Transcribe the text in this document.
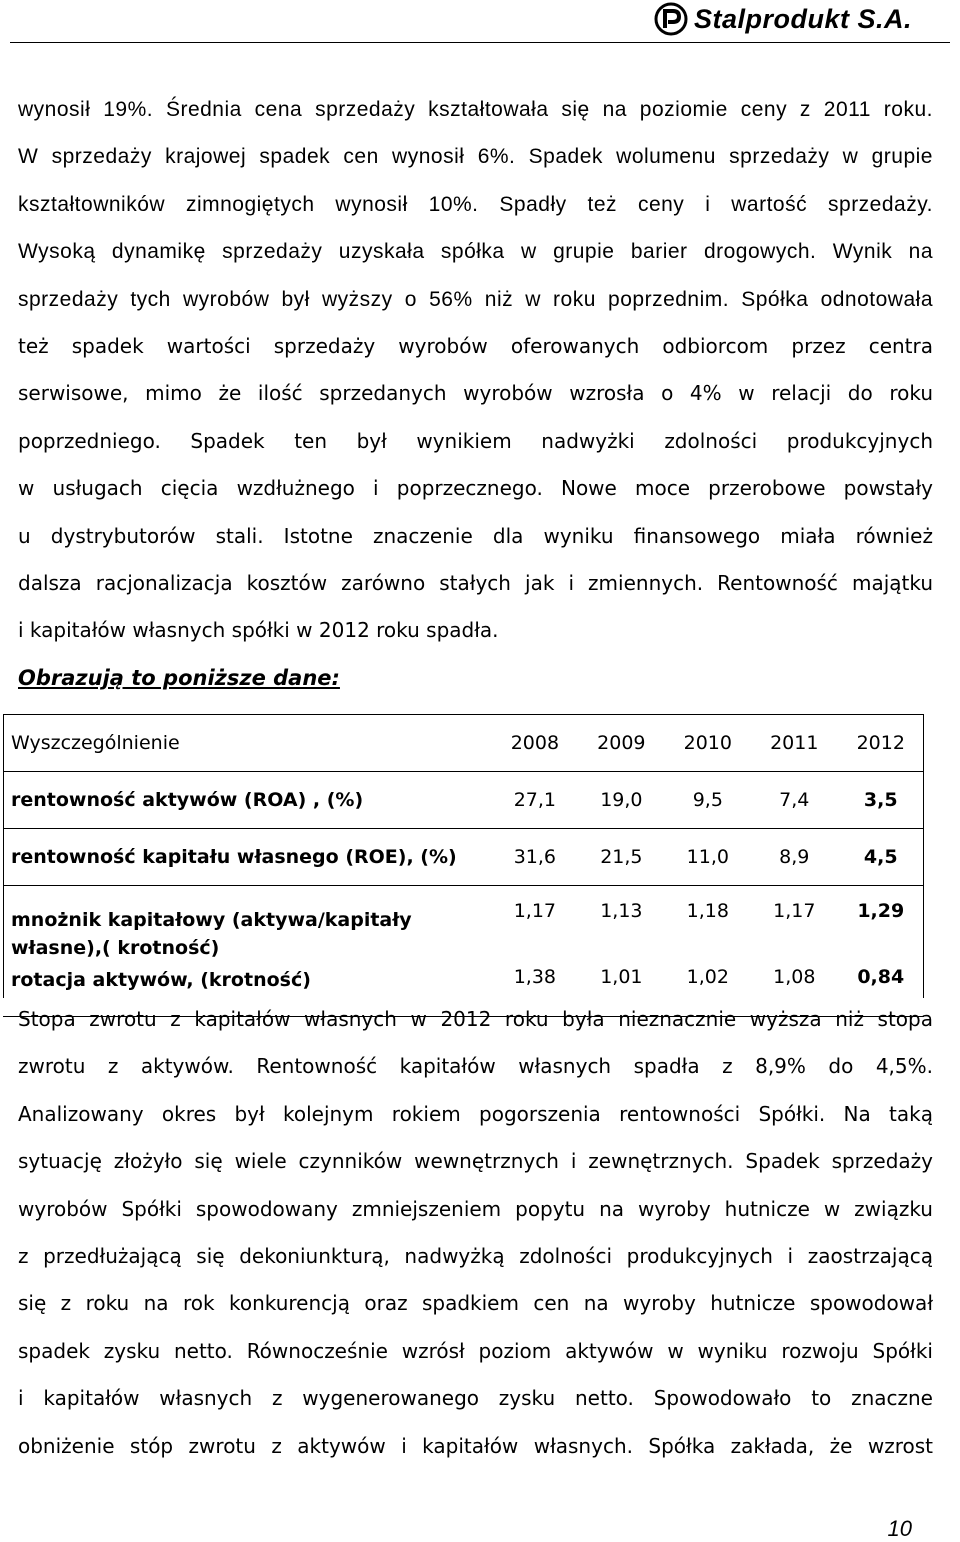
Stalprodukt S.A.
wynosił 19%. Średnia cena sprzedaży kształtowała się na poziomie ceny z 2011 roku.
W sprzedaży krajowej spadek cen wynosił 6%. Spadek wolumenu sprzedaży w grupie
kształtowników zimnogiętych wynosił 10%. Spadły też ceny i wartość sprzedaży.
Wysoką dynamikę sprzedaży uzyskała spółka w grupie barier drogowych. Wynik na
sprzedaży tych wyrobów był wyższy o 56% niż w roku poprzednim. Spółka odnotowała
też spadek wartości sprzedaży wyrobów oferowanych odbiorcom przez centra
serwisowe, mimo że ilość sprzedanych wyrobów wzrosła o 4% w relacji do roku
poprzedniego. Spadek ten był wynikiem nadwyżki zdolności produkcyjnych
w usługach cięcia wzdłużnego i poprzecznego. Nowe moce przerobowe powstały
u dystrybutorów stali. Istotne znaczenie dla wyniku finansowego miała również
dalsza racjonalizacja kosztów zarówno stałych jak i zmiennych. Rentowność majątku
i kapitałów własnych spółki w 2012 roku spadła.

Obrazują to poniższe dane:

Wyszczególnienie	2008	2009	2010	2011	2012
rentowność aktywów (ROA) , (%)	27,1	19,0	9,5	7,4	3,5
rentowność kapitału własnego (ROE), (%)	31,6	21,5	11,0	8,9	4,5
mnożnik kapitałowy (aktywa/kapitały własne),( krotność)	1,17	1,13	1,18	1,17	1,29
rotacja aktywów, (krotność)	1,38	1,01	1,02	1,08	0,84
Stopa zwrotu z kapitałów własnych w 2012 roku była nieznacznie wyższa niż stopa
zwrotu z aktywów. Rentowność kapitałów własnych spadła z 8,9% do 4,5%.
Analizowany okres był kolejnym rokiem pogorszenia rentowności Spółki. Na taką
sytuację złożyło się wiele czynników wewnętrznych i zewnętrznych. Spadek sprzedaży
wyrobów Spółki spowodowany zmniejszeniem popytu na wyroby hutnicze w związku
z przedłużającą się dekoniunkturą, nadwyżką zdolności produkcyjnych i zaostrzającą
się z roku na rok konkurencją oraz spadkiem cen na wyroby hutnicze spowodował
spadek zysku netto. Równocześnie wzrósł poziom aktywów w wyniku rozwoju Spółki
i kapitałów własnych z wygenerowanego zysku netto. Spowodowało to znaczne
obniżenie stóp zwrotu z aktywów i kapitałów własnych. Spółka zakłada, że wzrost
10
